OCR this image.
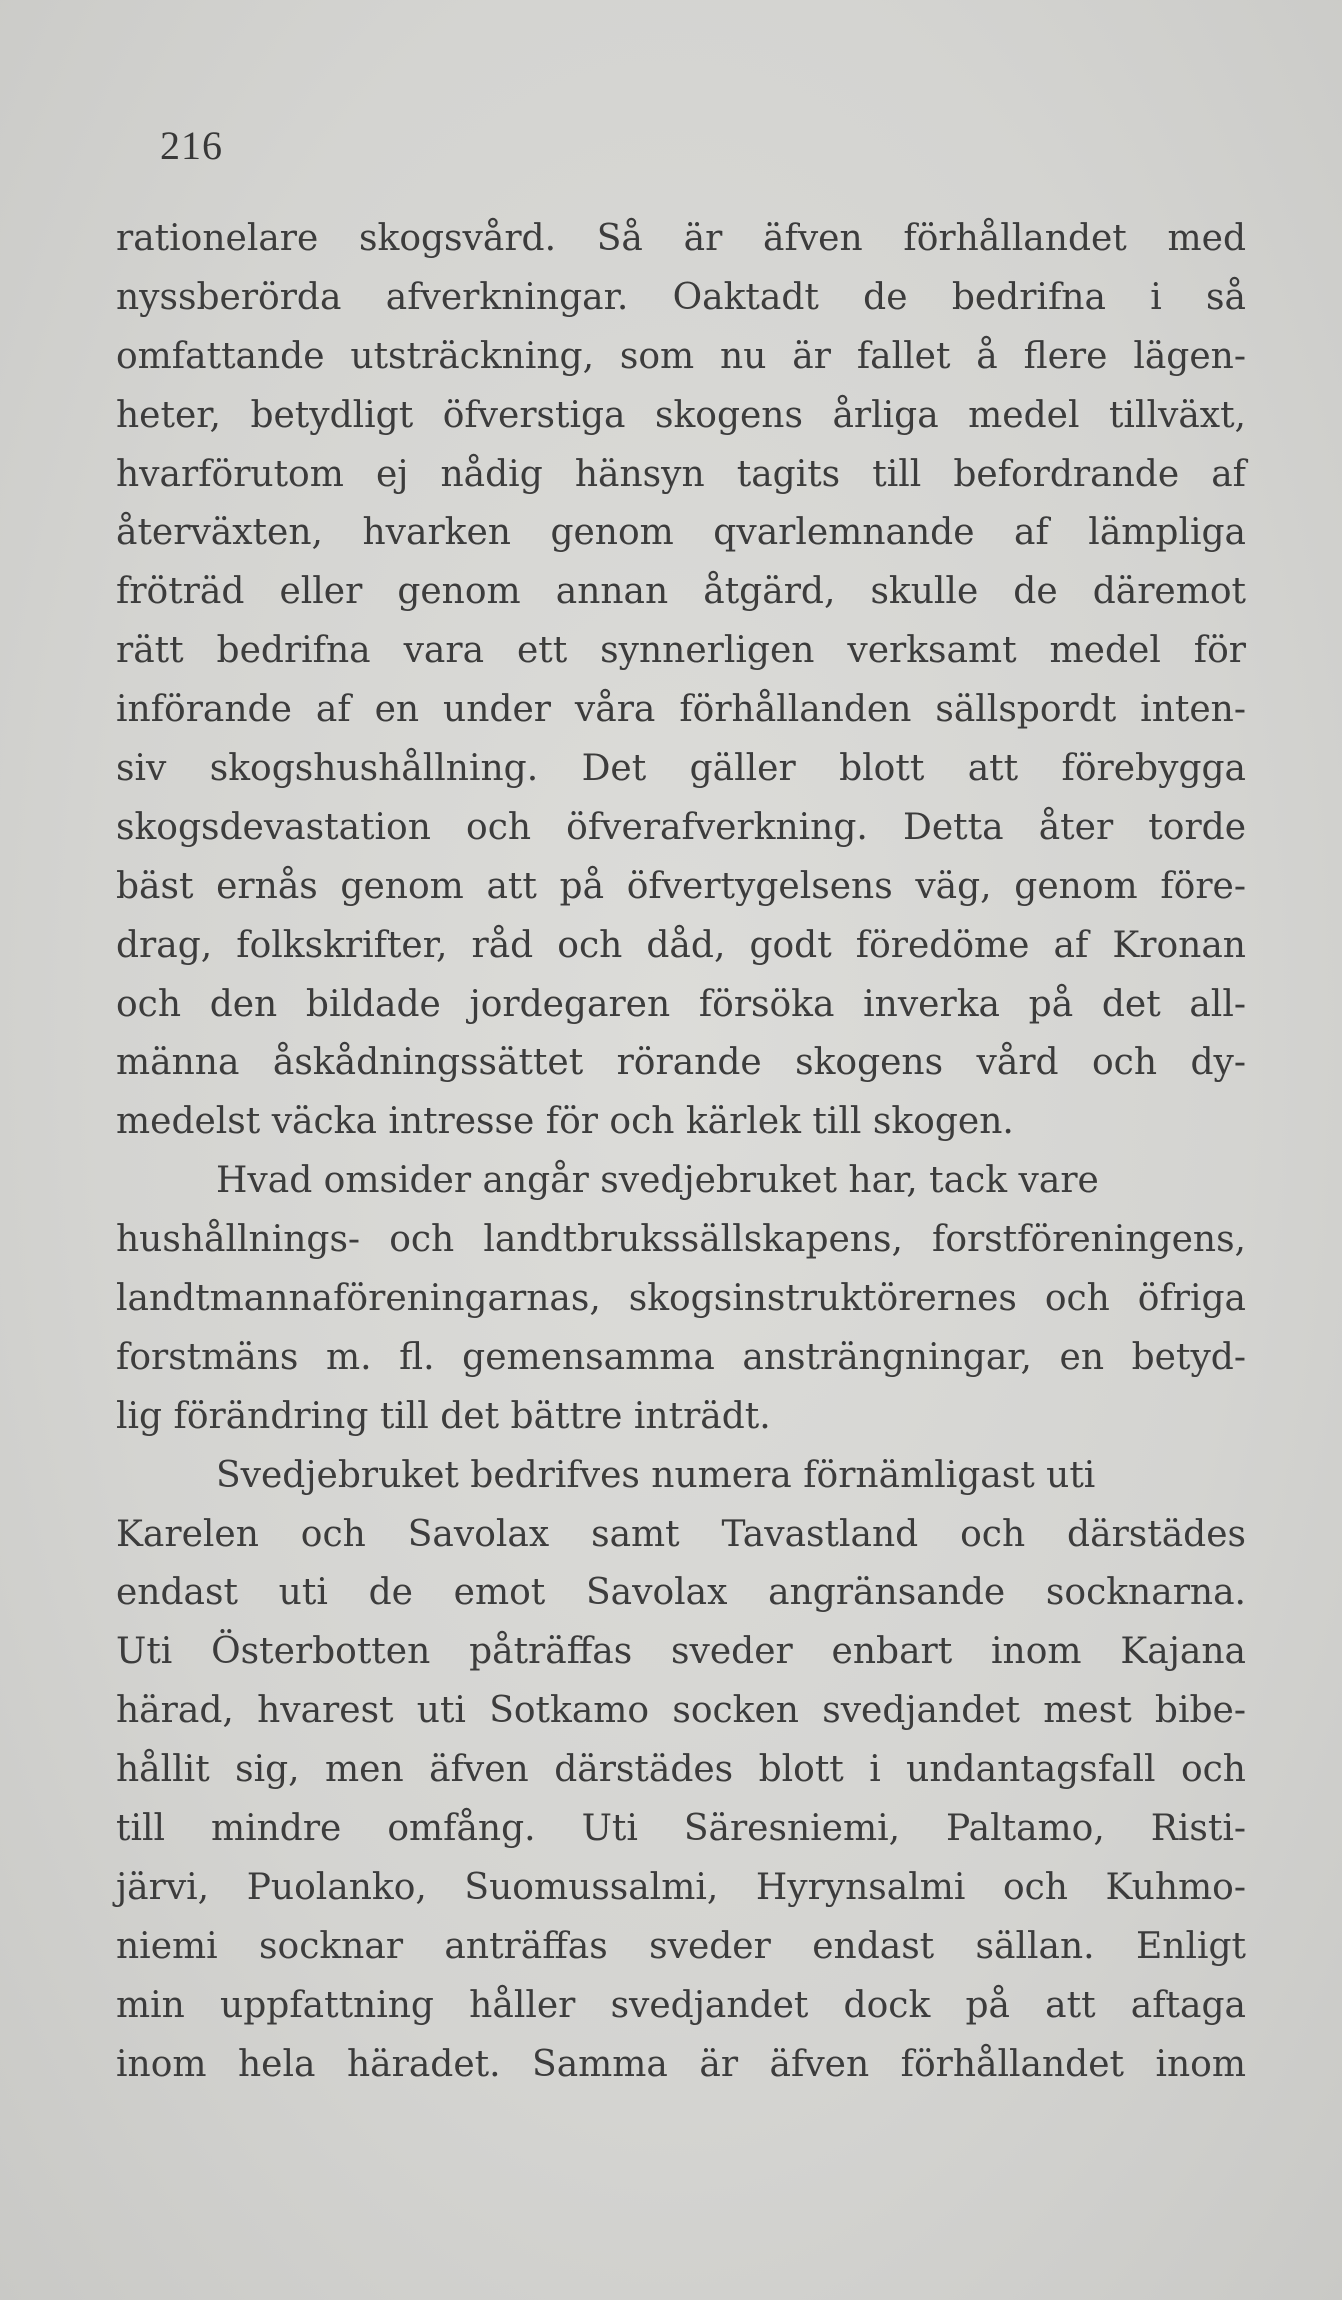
216
rationelare skogsvård. Så är äfven förhållandet med
nyssberörda afverkningar. Oaktadt de bedrifna i så
omfattande utsträckning, som nu är fallet å flere lägen-
heter, betydligt öfverstiga skogens årliga medel tillväxt,
hvarförutom ej nådig hänsyn tagits till befordrande af
återväxten, hvarken genom qvarlemnande af lämpliga
fröträd eller genom annan åtgärd, skulle de däremot
rätt bedrifna vara ett synnerligen verksamt medel för
införande af en under våra förhållanden sällspordt inten-
siv skogshushållning. Det gäller blott att förebygga
skogsdevastation och öfverafverkning. Detta åter torde
bäst ernås genom att på öfvertygelsens väg, genom före-
drag, folkskrifter, råd och dåd, godt föredöme af Kronan
och den bildade jordegaren försöka inverka på det all-
männa åskådningssättet rörande skogens vård och dy-
medelst väcka intresse för och kärlek till skogen.
Hvad omsider angår svedjebruket har, tack vare
hushållnings- och landtbrukssällskapens, forstföreningens,
landtmannaföreningarnas, skogsinstruktörernes och öfriga
forstmäns m. fl. gemensamma ansträngningar, en betyd-
lig förändring till det bättre inträdt.
Svedjebruket bedrifves numera förnämligast uti
Karelen och Savolax samt Tavastland och därstädes
endast uti de emot Savolax angränsande socknarna.
Uti Österbotten påträffas sveder enbart inom Kajana
härad, hvarest uti Sotkamo socken svedjandet mest bibe-
hållit sig, men äfven därstädes blott i undantagsfall och
till mindre omfång. Uti Säresniemi, Paltamo, Risti-
järvi, Puolanko, Suomussalmi, Hyrynsalmi och Kuhmo-
niemi socknar anträffas sveder endast sällan. Enligt
min uppfattning håller svedjandet dock på att aftaga
inom hela häradet. Samma är äfven förhållandet inom
